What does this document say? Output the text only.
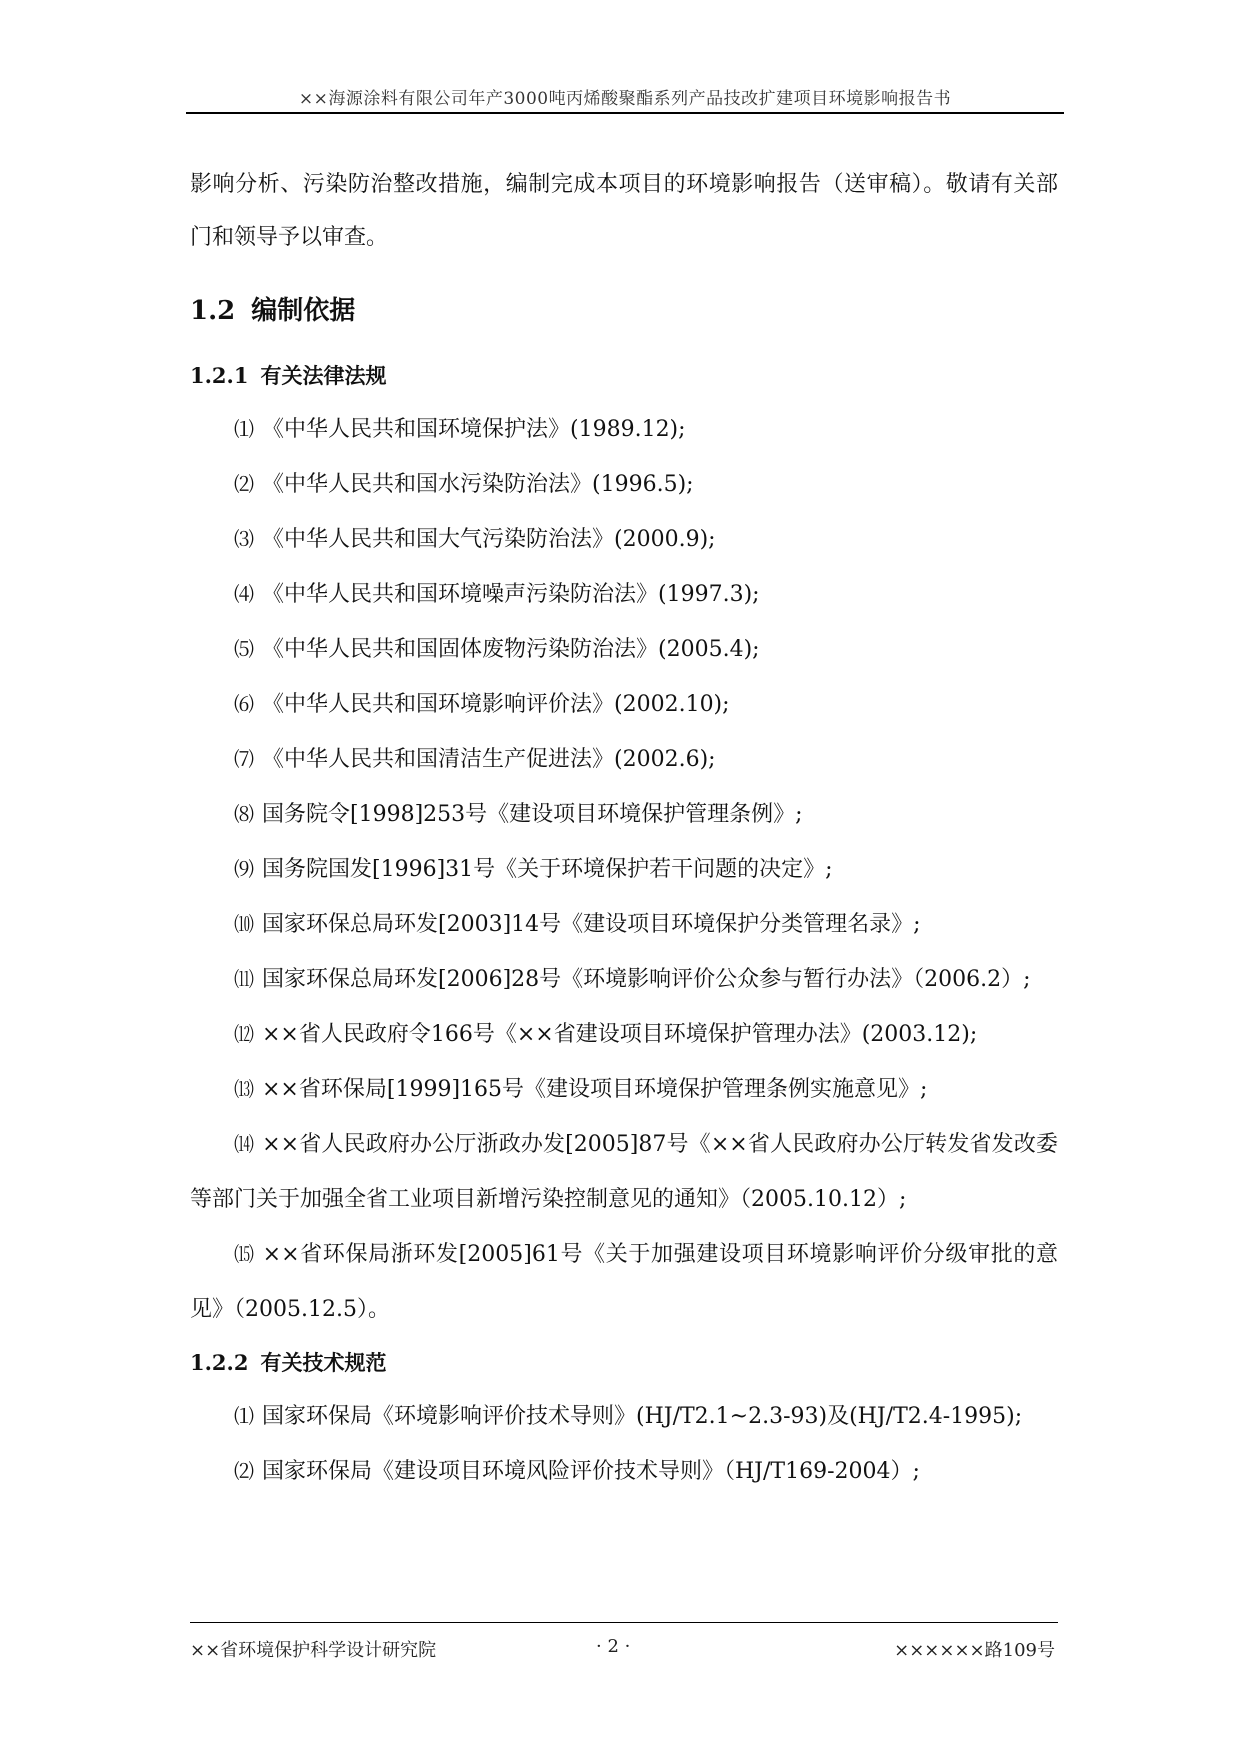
××海源涂料有限公司年产3000吨丙烯酸聚酯系列产品技改扩建项目环境影响报告书

影响分析、污染防治整改措施，编制完成本项目的环境影响报告（送审稿）。敬请有关部门和领导予以审查。

1.2 编制依据
1.2.1 有关法律法规

⑴ 《中华人民共和国环境保护法》(1989.12);

⑵ 《中华人民共和国水污染防治法》(1996.5);

⑶ 《中华人民共和国大气污染防治法》(2000.9);

⑷ 《中华人民共和国环境噪声污染防治法》(1997.3);

⑸ 《中华人民共和国固体废物污染防治法》(2005.4);

⑹ 《中华人民共和国环境影响评价法》(2002.10);

⑺ 《中华人民共和国清洁生产促进法》(2002.6);

⑻ 国务院令[1998]253号《建设项目环境保护管理条例》;

⑼ 国务院国发[1996]31号《关于环境保护若干问题的决定》;

⑽ 国家环保总局环发[2003]14号《建设项目环境保护分类管理名录》;

⑾ 国家环保总局环发[2006]28号《环境影响评价公众参与暂行办法》（2006.2）;

⑿ ××省人民政府令166号《××省建设项目环境保护管理办法》(2003.12);

⒀ ××省环保局[1999]165号《建设项目环境保护管理条例实施意见》;

⒁ ××省人民政府办公厅浙政办发[2005]87号《××省人民政府办公厅转发省发改委等部门关于加强全省工业项目新增污染控制意见的通知》（2005.10.12）;

⒂ ××省环保局浙环发[2005]61号《关于加强建设项目环境影响评价分级审批的意见》（2005.12.5）。

1.2.2 有关技术规范

⑴ 国家环保局《环境影响评价技术导则》(HJ/T2.1~2.3-93)及(HJ/T2.4-1995);

⑵ 国家环保局《建设项目环境风险评价技术导则》（HJ/T169-2004）;

××省环境保护科学设计研究院	· 2 ·	××××××路109号
